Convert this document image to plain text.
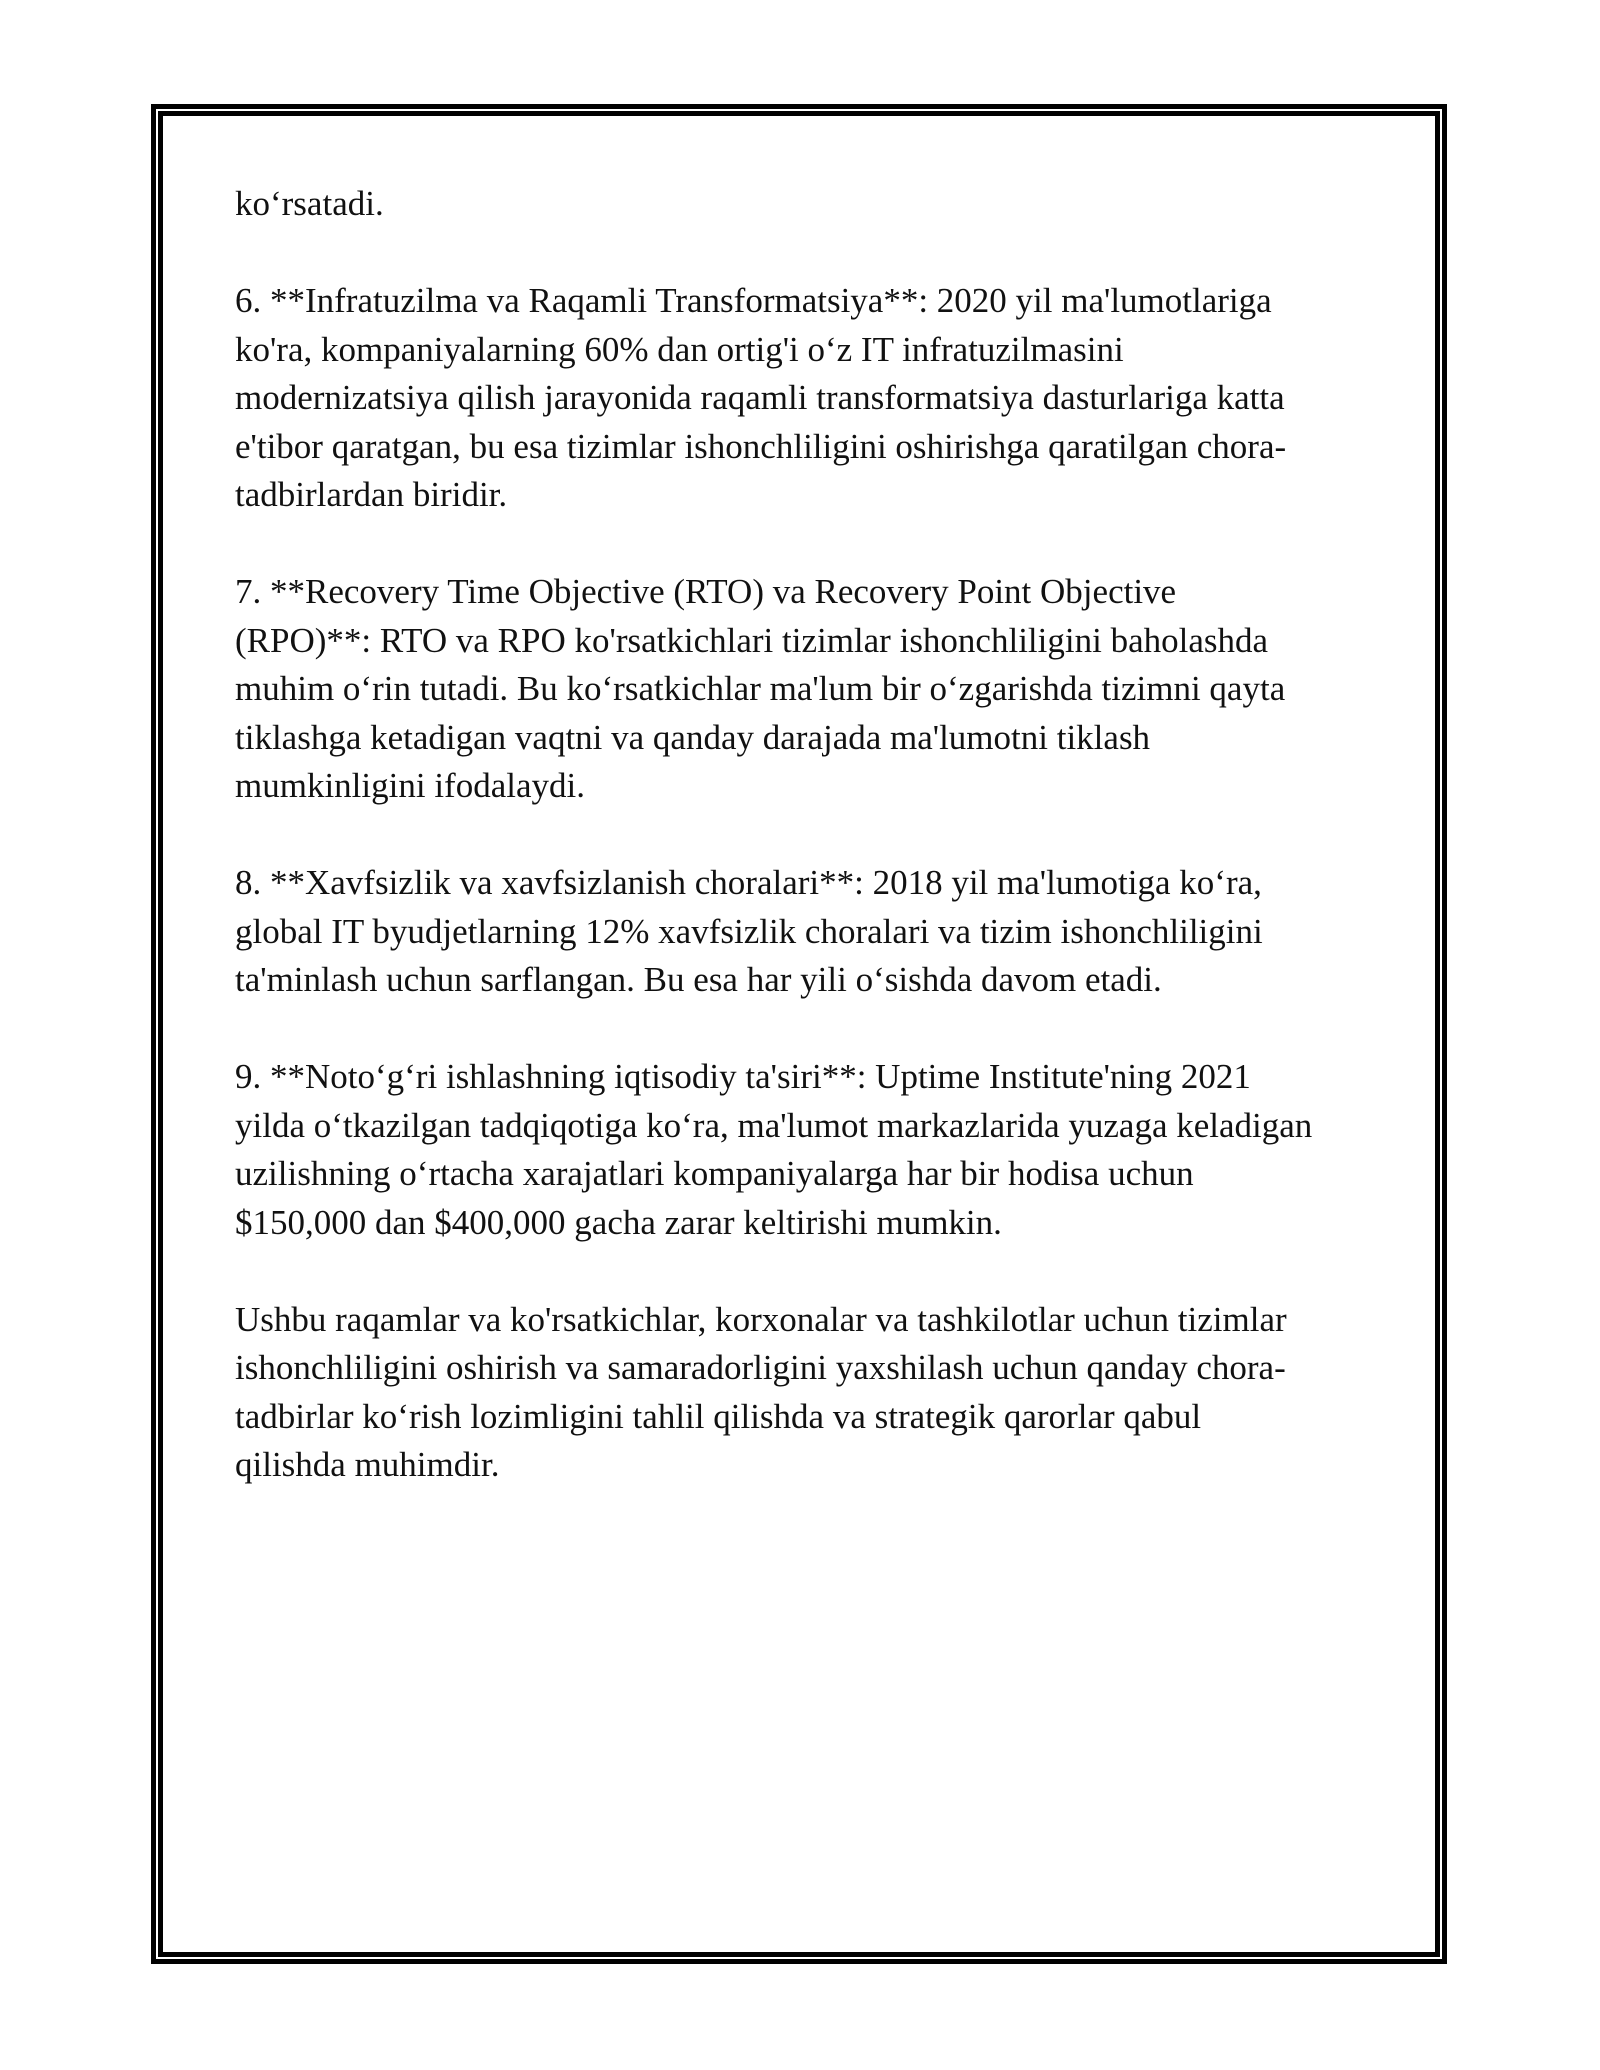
ko‘rsatadi.

6. **Infratuzilma va Raqamli Transformatsiya**: 2020 yil ma'lumotlariga
ko'ra, kompaniyalarning 60% dan ortig'i o‘z IT infratuzilmasini
modernizatsiya qilish jarayonida raqamli transformatsiya dasturlariga katta
e'tibor qaratgan, bu esa tizimlar ishonchliligini oshirishga qaratilgan chora-
tadbirlardan biridir.

7. **Recovery Time Objective (RTO) va Recovery Point Objective
(RPO)**: RTO va RPO ko'rsatkichlari tizimlar ishonchliligini baholashda
muhim o‘rin tutadi. Bu ko‘rsatkichlar ma'lum bir o‘zgarishda tizimni qayta
tiklashga ketadigan vaqtni va qanday darajada ma'lumotni tiklash
mumkinligini ifodalaydi.

8. **Xavfsizlik va xavfsizlanish choralari**: 2018 yil ma'lumotiga ko‘ra,
global IT byudjetlarning 12% xavfsizlik choralari va tizim ishonchliligini
ta'minlash uchun sarflangan. Bu esa har yili o‘sishda davom etadi.

9. **Noto‘g‘ri ishlashning iqtisodiy ta'siri**: Uptime Institute'ning 2021
yilda o‘tkazilgan tadqiqotiga ko‘ra, ma'lumot markazlarida yuzaga keladigan
uzilishning o‘rtacha xarajatlari kompaniyalarga har bir hodisa uchun
$150,000 dan $400,000 gacha zarar keltirishi mumkin.

Ushbu raqamlar va ko'rsatkichlar, korxonalar va tashkilotlar uchun tizimlar
ishonchliligini oshirish va samaradorligini yaxshilash uchun qanday chora-
tadbirlar ko‘rish lozimligini tahlil qilishda va strategik qarorlar qabul
qilishda muhimdir.
